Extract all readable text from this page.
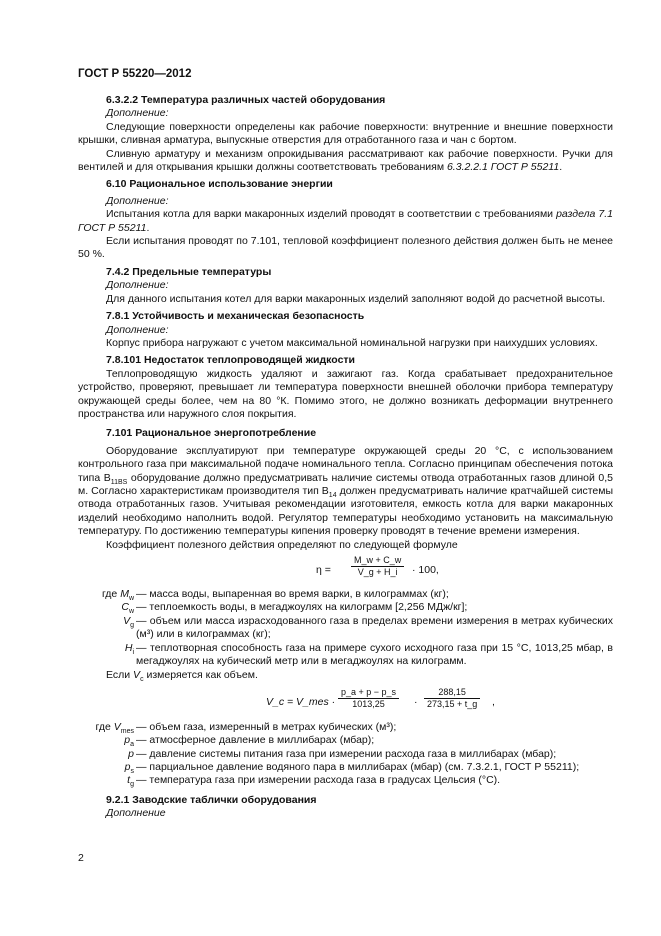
ГОСТ Р 55220—2012
6.3.2.2 Температура различных частей оборудования
Дополнение:
Следующие поверхности определены как рабочие поверхности: внутренние и внешние поверхности крышки, сливная арматура, выпускные отверстия для отработанного газа и чан с бортом.
Сливную арматуру и механизм опрокидывания рассматривают как рабочие поверхности. Ручки для вентилей и для открывания крышки должны соответствовать требованиям 6.3.2.2.1 ГОСТ Р 55211.
6.10 Рациональное использование энергии
Дополнение:
Испытания котла для варки макаронных изделий проводят в соответствии с требованиями раздела 7.1 ГОСТ Р 55211.
Если испытания проводят по 7.101, тепловой коэффициент полезного действия должен быть не менее 50 %.
7.4.2 Предельные температуры
Дополнение:
Для данного испытания котел для варки макаронных изделий заполняют водой до расчетной высоты.
7.8.1 Устойчивость и механическая безопасность
Дополнение:
Корпус прибора нагружают с учетом максимальной номинальной нагрузки при наихудших условиях.
7.8.101 Недостаток теплопроводящей жидкости
Теплопроводящую жидкость удаляют и зажигают газ. Когда срабатывает предохранительное устройство, проверяют, превышает ли температура поверхности внешней оболочки прибора температуру окружающей среды более, чем на 80 °К. Помимо этого, не должно возникать деформации внутреннего пространства или наружного слоя покрытия.
7.101 Рациональное энергопотребление
Оборудование эксплуатируют при температуре окружающей среды 20 °С, с использованием контрольного газа при максимальной подаче номинального тепла. Согласно принципам обеспечения потока типа $В_{11BS}$ оборудование должно предусматривать наличие системы отвода отработанных газов длиной 0,5 м. Согласно характеристикам производителя тип $В_{14}$ должен предусматривать наличие кратчайшей системы отвода отработанных газов. Учитывая рекомендации изготовителя, емкость котла для варки макаронных изделий необходимо наполнить водой. Регулятор температуры необходимо установить на максимальную температуру. По достижению температуры кипения проверку проводят в течение времени измерения.
Коэффициент полезного действия определяют по следующей формуле
$\eta = \frac{M\_w + C\_w}{V\_g + H\_i} \cdot 100$,
где $M_w$ — масса воды, выпаренная во время варки, в килограммах (кг);
$C_w$ — теплоемкость воды, в мегаджоулях на килограмм [2,256 МДж/кг];
$V_g$ — объем или масса израсходованного газа в пределах времени измерения в метрах кубических (м³) или в килограммах (кг);
$H_i$ — теплотворная способность газа на примере сухого исходного газа при 15 °С, 1013,25 мбар, в мегаджоулях на кубический метр или в мегаджоулях на килограмм.
Если $V_c$ измеряется как объем.
V_c = V_mes · $\frac{p\_a + p - p\_s}{1013,25} \cdot \frac{288,15}{273,15 + t\_g}$ ,
где $V_{mes}$ — объем газа, измеренный в метрах кубических (м³);
$p_a$ — атмосферное давление в миллибарах (мбар);
p — давление системы питания газа при измерении расхода газа в миллибарах (мбар);
$p_s$ — парциальное давление водяного пара в миллибарах (мбар) (см. 7.3.2.1, ГОСТ Р 55211);
$t_g$ — температура газа при измерении расхода газа в градусах Цельсия (°С).
9.2.1 Заводские таблички оборудования
Дополнение
2
